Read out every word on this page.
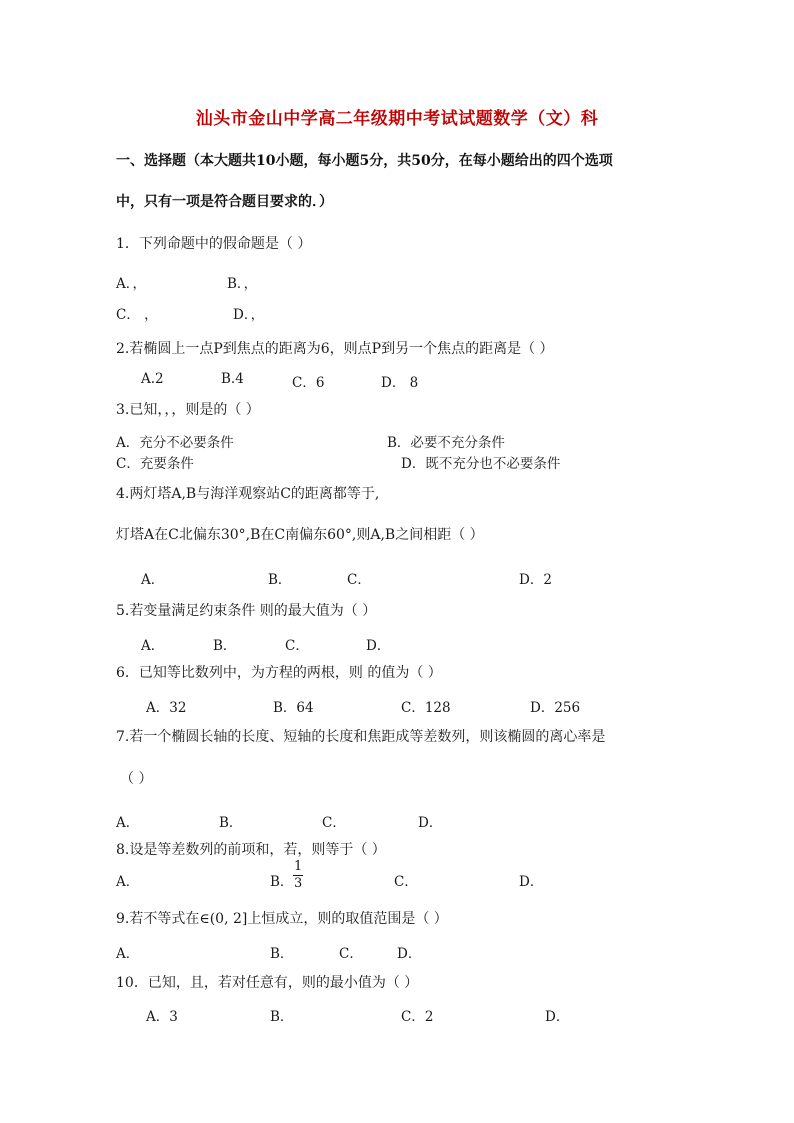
汕头市金山中学高二年级期中考试试题数学（文）科
一、选择题（本大题共10小题，每小题5分，共50分，在每小题给出的四个选项
中，只有一项是符合题目要求的．）
1．下列命题中的假命题是（ ）
A．，	B．，
C． ，	D．，
2.若椭圆上一点P到焦点的距离为6，则点P到另一个焦点的距离是（ ）
A.2	B.4	C．6	D． 8
3.已知，，，则是的（ ）
A．充分不必要条件	B．必要不充分条件
C．充要条件	D．既不充分也不必要条件
4.两灯塔A,B与海洋观察站C的距离都等于,
灯塔A在C北偏东30°,B在C南偏东60°,则A,B之间相距（ ）
A．	B．	C．	D．2
5.若变量满足约束条件 则的最大值为（ ）
A．	B．	C．	D．
6．已知等比数列中，为方程的两根，则 的值为（ ）
A．32	B．64	C．128	D．256
7.若一个椭圆长轴的长度、短轴的长度和焦距成等差数列，则该椭圆的离心率是
（ ）
A．	B．	C．	D．
8.设是等差数列的前项和，若，则等于（ ）
A．	B．
1
3	C．	D．
9.若不等式在∈(0, 2]上恒成立，则的取值范围是（ ）
A．	B．	C．	D．
10．已知，且，若对任意有，则的最小值为（ ）
A．3	B．	C．2	D．
